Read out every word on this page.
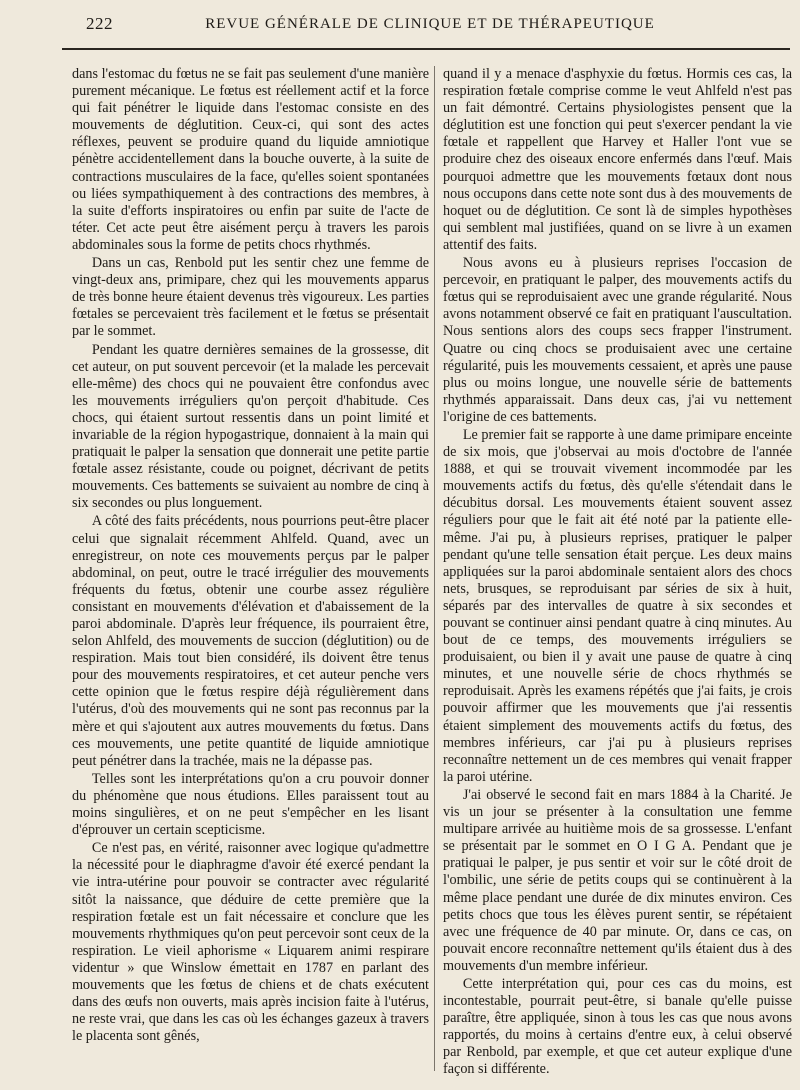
222	REVUE GÉNÉRALE DE CLINIQUE ET DE THÉRAPEUTIQUE

dans l'estomac du fœtus ne se fait pas seulement d'une manière purement mécanique. Le fœtus est réellement actif et la force qui fait pénétrer le liquide dans l'estomac consiste en des mouvements de déglutition. Ceux-ci, qui sont des actes réflexes, peuvent se produire quand du liquide amniotique pénètre accidentellement dans la bouche ouverte, à la suite de contractions musculaires de la face, qu'elles soient spontanées ou liées sympathiquement à des contractions des membres, à la suite d'efforts inspiratoires ou enfin par suite de l'acte de téter. Cet acte peut être aisément perçu à travers les parois abdominales sous la forme de petits chocs rhythmés.

Dans un cas, Renbold put les sentir chez une femme de vingt-deux ans, primipare, chez qui les mouvements apparus de très bonne heure étaient devenus très vigoureux. Les parties fœtales se percevaient très facilement et le fœtus se présentait par le sommet.

Pendant les quatre dernières semaines de la grossesse, dit cet auteur, on put souvent percevoir (et la malade les percevait elle-même) des chocs qui ne pouvaient être confondus avec les mouvements irréguliers qu'on perçoit d'habitude. Ces chocs, qui étaient surtout ressentis dans un point limité et invariable de la région hypogastrique, donnaient à la main qui pratiquait le palper la sensation que donnerait une petite partie fœtale assez résistante, coude ou poignet, décrivant de petits mouvements. Ces battements se suivaient au nombre de cinq à six secondes ou plus longuement.

A côté des faits précédents, nous pourrions peut-être placer celui que signalait récemment Ahlfeld. Quand, avec un enregistreur, on note ces mouvements perçus par le palper abdominal, on peut, outre le tracé irrégulier des mouvements fréquents du fœtus, obtenir une courbe assez régulière consistant en mouvements d'élévation et d'abaissement de la paroi abdominale. D'après leur fréquence, ils pourraient être, selon Ahlfeld, des mouvements de succion (déglutition) ou de respiration. Mais tout bien considéré, ils doivent être tenus pour des mouvements respiratoires, et cet auteur penche vers cette opinion que le fœtus respire déjà régulièrement dans l'utérus, d'où des mouvements qui ne sont pas reconnus par la mère et qui s'ajoutent aux autres mouvements du fœtus. Dans ces mouvements, une petite quantité de liquide amniotique peut pénétrer dans la trachée, mais ne la dépasse pas.

Telles sont les interprétations qu'on a cru pouvoir donner du phénomène que nous étudions. Elles paraissent tout au moins singulières, et on ne peut s'empêcher en les lisant d'éprouver un certain scepticisme.

Ce n'est pas, en vérité, raisonner avec logique qu'admettre la nécessité pour le diaphragme d'avoir été exercé pendant la vie intra-utérine pour pouvoir se contracter avec régularité sitôt la naissance, que déduire de cette première que la respiration fœtale est un fait nécessaire et conclure que les mouvements rhythmiques qu'on peut percevoir sont ceux de la respiration. Le vieil aphorisme « Liquarem animi respirare videntur » que Winslow émettait en 1787 en parlant des mouvements que les fœtus de chiens et de chats exécutent dans des œufs non ouverts, mais après incision faite à l'utérus, ne reste vrai, que dans les cas où les échanges gazeux à travers le placenta sont gênés,

quand il y a menace d'asphyxie du fœtus. Hormis ces cas, la respiration fœtale comprise comme le veut Ahlfeld n'est pas un fait démontré. Certains physiologistes pensent que la déglutition est une fonction qui peut s'exercer pendant la vie fœtale et rappellent que Harvey et Haller l'ont vue se produire chez des oiseaux encore enfermés dans l'œuf. Mais pourquoi admettre que les mouvements fœtaux dont nous nous occupons dans cette note sont dus à des mouvements de hoquet ou de déglutition. Ce sont là de simples hypothèses qui semblent mal justifiées, quand on se livre à un examen attentif des faits.

Nous avons eu à plusieurs reprises l'occasion de percevoir, en pratiquant le palper, des mouvements actifs du fœtus qui se reproduisaient avec une grande régularité. Nous avons notamment observé ce fait en pratiquant l'auscultation. Nous sentions alors des coups secs frapper l'instrument. Quatre ou cinq chocs se produisaient avec une certaine régularité, puis les mouvements cessaient, et après une pause plus ou moins longue, une nouvelle série de battements rhythmés apparaissait. Dans deux cas, j'ai vu nettement l'origine de ces battements.

Le premier fait se rapporte à une dame primipare enceinte de six mois, que j'observai au mois d'octobre de l'année 1888, et qui se trouvait vivement incommodée par les mouvements actifs du fœtus, dès qu'elle s'étendait dans le décubitus dorsal. Les mouvements étaient souvent assez réguliers pour que le fait ait été noté par la patiente elle-même. J'ai pu, à plusieurs reprises, pratiquer le palper pendant qu'une telle sensation était perçue. Les deux mains appliquées sur la paroi abdominale sentaient alors des chocs nets, brusques, se reproduisant par séries de six à huit, séparés par des intervalles de quatre à six secondes et pouvant se continuer ainsi pendant quatre à cinq minutes. Au bout de ce temps, des mouvements irréguliers se produisaient, ou bien il y avait une pause de quatre à cinq minutes, et une nouvelle série de chocs rhythmés se reproduisait. Après les examens répétés que j'ai faits, je crois pouvoir affirmer que les mouvements que j'ai ressentis étaient simplement des mouvements actifs du fœtus, des membres inférieurs, car j'ai pu à plusieurs reprises reconnaître nettement un de ces membres qui venait frapper la paroi utérine.

J'ai observé le second fait en mars 1884 à la Charité. Je vis un jour se présenter à la consultation une femme multipare arrivée au huitième mois de sa grossesse. L'enfant se présentait par le sommet en O I G A. Pendant que je pratiquai le palper, je pus sentir et voir sur le côté droit de l'ombilic, une série de petits coups qui se continuèrent à la même place pendant une durée de dix minutes environ. Ces petits chocs que tous les élèves purent sentir, se répétaient avec une fréquence de 40 par minute. Or, dans ce cas, on pouvait encore reconnaître nettement qu'ils étaient dus à des mouvements d'un membre inférieur.

Cette interprétation qui, pour ces cas du moins, est incontestable, pourrait peut-être, si banale qu'elle puisse paraître, être appliquée, sinon à tous les cas que nous avons rapportés, du moins à certains d'entre eux, à celui observé par Renbold, par exemple, et que cet auteur explique d'une façon si différente.
